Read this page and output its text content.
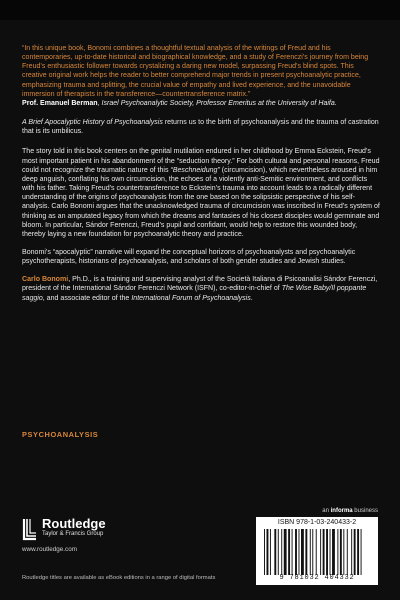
“In this unique book, Bonomi combines a thoughtful textual analysis of the writings of Freud and his contemporaries, up-to-date historical and biographical knowledge, and a study of Ferenczi’s journey from being Freud’s enthusiastic follower towards crystalizing a daring new model, surpassing Freud’s blind spots. This creative original work helps the reader to better comprehend major trends in present psychoanalytic practice, emphasizing trauma and splitting, the crucial value of empathy and lived experience, and the unavoidable immersion of therapists in the transference—countertransference matrix.”

Prof. Emanuel Berman, Israel Psychoanalytic Society, Professor Emeritus at the University of Haifa.

A Brief Apocalyptic History of Psychoanalysis returns us to the birth of psychoanalysis and the trauma of castration that is its umbilicus.

The story told in this book centers on the genital mutilation endured in her childhood by Emma Eckstein, Freud’s most important patient in his abandonment of the “seduction theory.” For both cultural and personal reasons, Freud could not recognize the traumatic nature of this “Beschneidung” (circumcision), which nevertheless aroused in him deep anguish, conflating his own circumcision, the echoes of a violently anti-Semitic environment, and conflicts with his father. Taking Freud’s countertransference to Eckstein’s trauma into account leads to a radically different understanding of the origins of psychoanalysis from the one based on the solipsistic perspective of his self-analysis. Carlo Bonomi argues that the unacknowledged trauma of circumcision was inscribed in Freud’s system of thinking as an amputated legacy from which the dreams and fantasies of his closest disciples would germinate and bloom. In particular, Sándor Ferenczi, Freud’s pupil and confidant, would help to restore this wounded body, thereby laying a new foundation for psychoanalytic theory and practice.

Bonomi’s “apocalyptic” narrative will expand the conceptual horizons of psychoanalysts and psychoanalytic psychotherapists, historians of psychoanalysis, and scholars of both gender studies and Jewish studies.

Carlo Bonomi, Ph.D., is a training and supervising analyst of the Società Italiana di Psicoanalisi Sándor Ferenczi, president of the International Sándor Ferenczi Network (ISFN), co-editor-in-chief of The Wise Baby/Il poppante saggio, and associate editor of the International Forum of Psychoanalysis.

PSYCHOANALYSIS
an informa business
Routledge
Taylor & Francis Group
www.routledge.com
ISBN 978-1-03-240433-2
9 781032 404332
Routledge titles are available as eBook editions in a range of digital formats
